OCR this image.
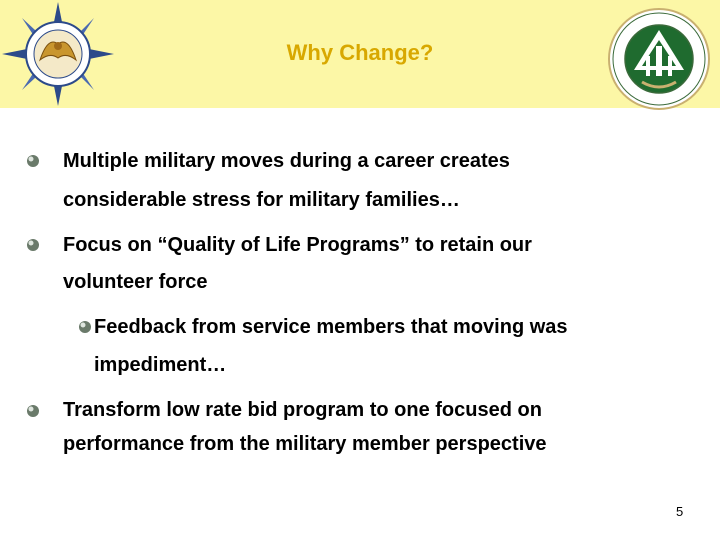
Why Change?
Multiple military moves during a career creates
considerable stress for military families…
Focus on “Quality of Life Programs” to retain our
volunteer force
Feedback from service members that moving was
impediment…
Transform low rate bid program to one focused on
performance from the military member perspective
5
